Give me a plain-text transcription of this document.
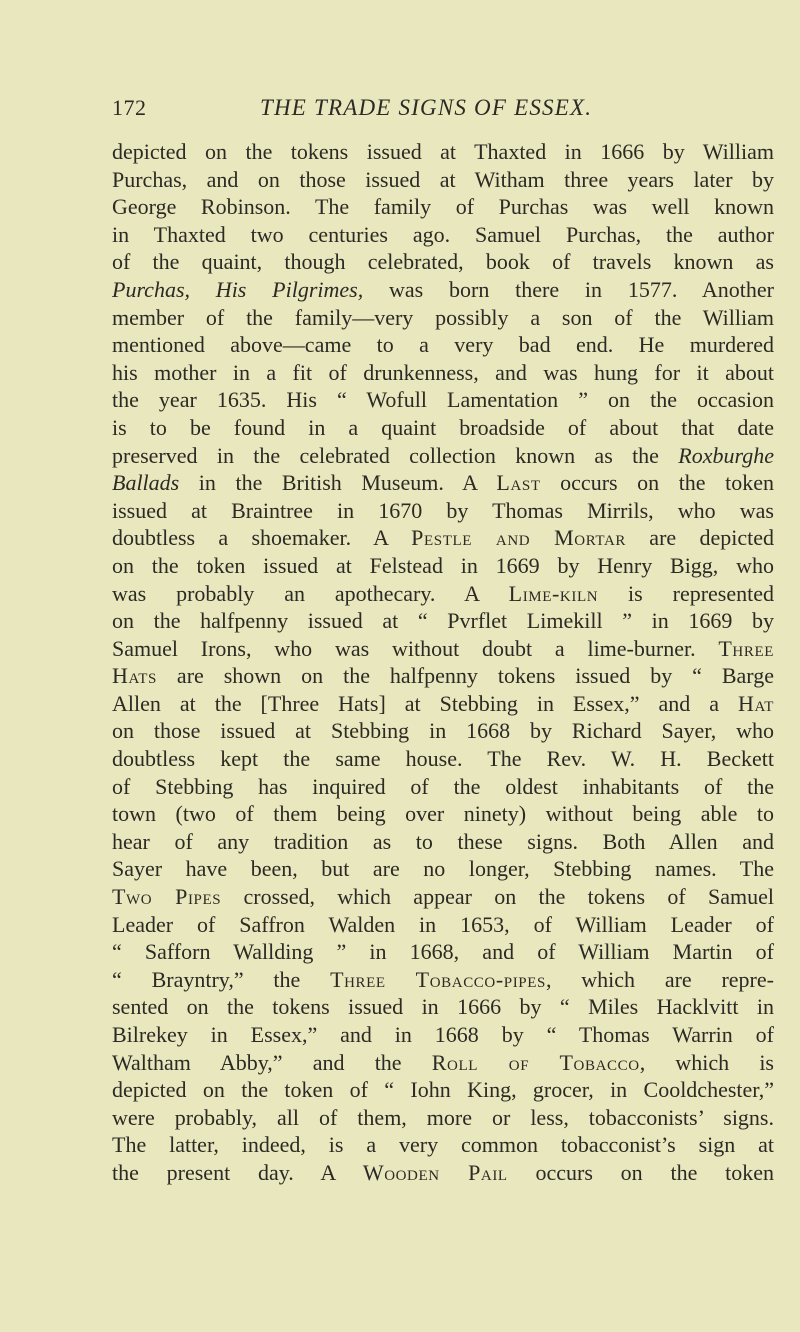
172	THE TRADE SIGNS OF ESSEX.
depicted on the tokens issued at Thaxted in 1666 by William
Purchas, and on those issued at Witham three years later by
George Robinson. The family of Purchas was well known
in Thaxted two centuries ago. Samuel Purchas, the author
of the quaint, though celebrated, book of travels known as
Purchas, His Pilgrimes, was born there in 1577. Another
member of the family—very possibly a son of the William
mentioned above—came to a very bad end. He murdered
his mother in a fit of drunkenness, and was hung for it about
the year 1635. His “ Wofull Lamentation ” on the occasion
is to be found in a quaint broadside of about that date
preserved in the celebrated collection known as the Roxburghe
Ballads in the British Museum. A Last occurs on the token
issued at Braintree in 1670 by Thomas Mirrils, who was
doubtless a shoemaker. A Pestle and Mortar are depicted
on the token issued at Felstead in 1669 by Henry Bigg, who
was probably an apothecary. A Lime-kiln is represented
on the halfpenny issued at “ Pvrflet Limekill ” in 1669 by
Samuel Irons, who was without doubt a lime-burner. Three
Hats are shown on the halfpenny tokens issued by “ Barge
Allen at the [Three Hats] at Stebbing in Essex,” and a Hat
on those issued at Stebbing in 1668 by Richard Sayer, who
doubtless kept the same house. The Rev. W. H. Beckett
of Stebbing has inquired of the oldest inhabitants of the
town (two of them being over ninety) without being able to
hear of any tradition as to these signs. Both Allen and
Sayer have been, but are no longer, Stebbing names. The
Two Pipes crossed, which appear on the tokens of Samuel
Leader of Saffron Walden in 1653, of William Leader of
“ Safforn Wallding ” in 1668, and of William Martin of
“ Brayntry,” the Three Tobacco-pipes, which are repre-
sented on the tokens issued in 1666 by “ Miles Hacklvitt in
Bilrekey in Essex,” and in 1668 by “ Thomas Warrin of
Waltham Abby,” and the Roll of Tobacco, which is
depicted on the token of “ Iohn King, grocer, in Cooldchester,”
were probably, all of them, more or less, tobacconists’ signs.
The latter, indeed, is a very common tobacconist’s sign at
the present day. A Wooden Pail occurs on the token
